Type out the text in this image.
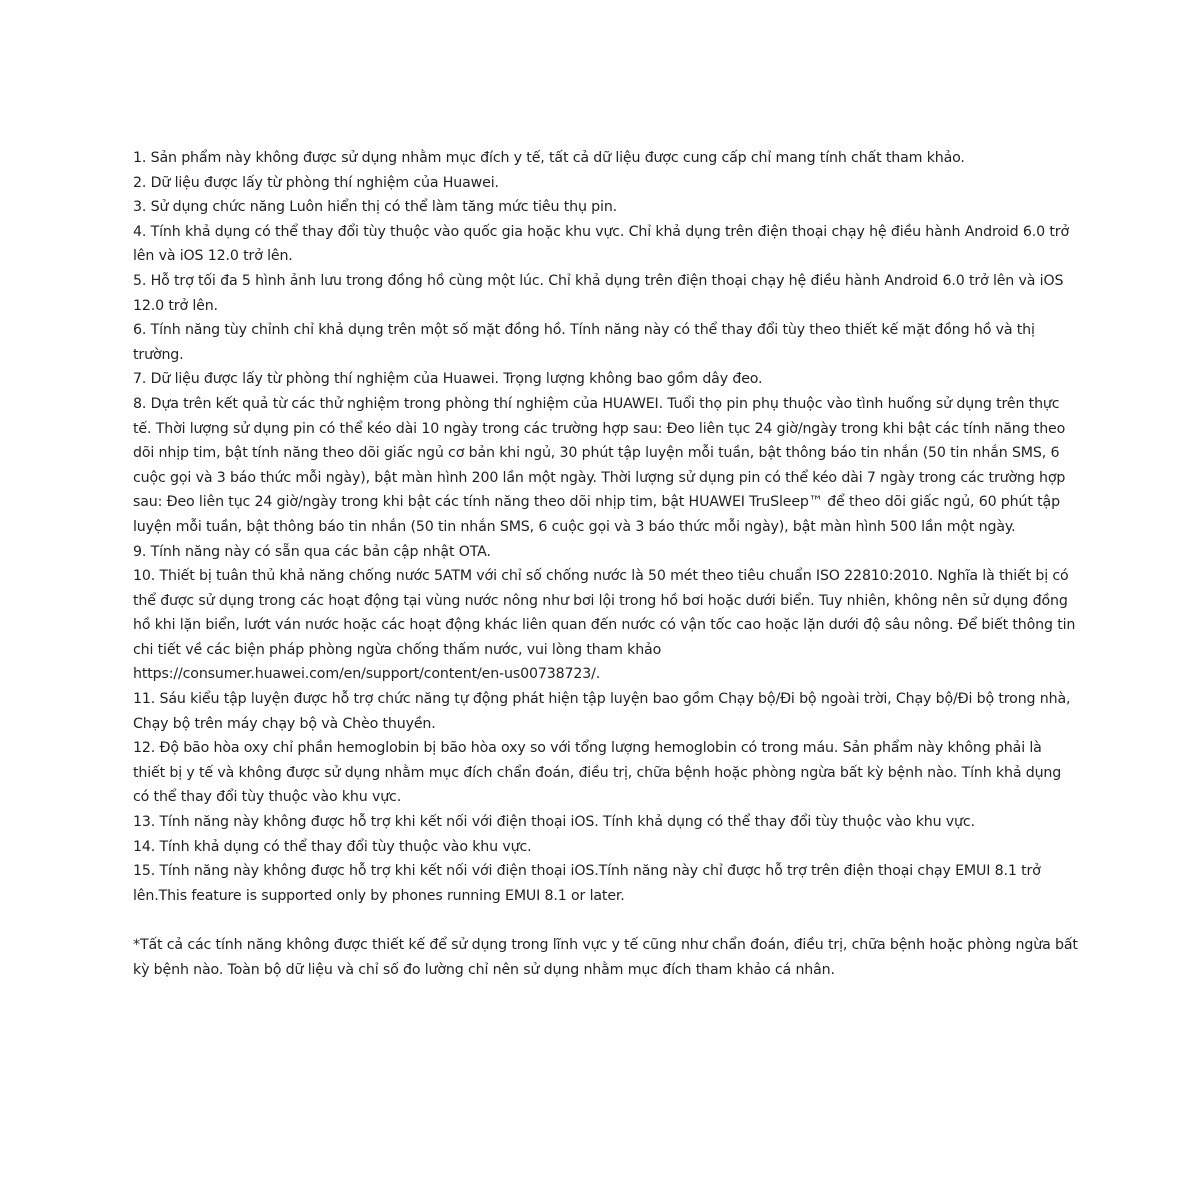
1. Sản phẩm này không được sử dụng nhằm mục đích y tế, tất cả dữ liệu được cung cấp chỉ mang tính chất tham khảo.

2. Dữ liệu được lấy từ phòng thí nghiệm của Huawei.

3. Sử dụng chức năng Luôn hiển thị có thể làm tăng mức tiêu thụ pin.

4. Tính khả dụng có thể thay đổi tùy thuộc vào quốc gia hoặc khu vực. Chỉ khả dụng trên điện thoại chạy hệ điều hành Android 6.0 trở lên và iOS 12.0 trở lên.

5. Hỗ trợ tối đa 5 hình ảnh lưu trong đồng hồ cùng một lúc. Chỉ khả dụng trên điện thoại chạy hệ điều hành Android 6.0 trở lên và iOS 12.0 trở lên.

6. Tính năng tùy chỉnh chỉ khả dụng trên một số mặt đồng hồ. Tính năng này có thể thay đổi tùy theo thiết kế mặt đồng hồ và thị trường.

7. Dữ liệu được lấy từ phòng thí nghiệm của Huawei. Trọng lượng không bao gồm dây đeo.

8. Dựa trên kết quả từ các thử nghiệm trong phòng thí nghiệm của HUAWEI. Tuổi thọ pin phụ thuộc vào tình huống sử dụng trên thực tế. Thời lượng sử dụng pin có thể kéo dài 10 ngày trong các trường hợp sau: Đeo liên tục 24 giờ/ngày trong khi bật các tính năng theo dõi nhịp tim, bật tính năng theo dõi giấc ngủ cơ bản khi ngủ, 30 phút tập luyện mỗi tuần, bật thông báo tin nhắn (50 tin nhắn SMS, 6 cuộc gọi và 3 báo thức mỗi ngày), bật màn hình 200 lần một ngày. Thời lượng sử dụng pin có thể kéo dài 7 ngày trong các trường hợp sau: Đeo liên tục 24 giờ/ngày trong khi bật các tính năng theo dõi nhịp tim, bật HUAWEI TruSleep™ để theo dõi giấc ngủ, 60 phút tập luyện mỗi tuần, bật thông báo tin nhắn (50 tin nhắn SMS, 6 cuộc gọi và 3 báo thức mỗi ngày), bật màn hình 500 lần một ngày.

9. Tính năng này có sẵn qua các bản cập nhật OTA.

10. Thiết bị tuân thủ khả năng chống nước 5ATM với chỉ số chống nước là 50 mét theo tiêu chuẩn ISO 22810:2010. Nghĩa là thiết bị có thể được sử dụng trong các hoạt động tại vùng nước nông như bơi lội trong hồ bơi hoặc dưới biển. Tuy nhiên, không nên sử dụng đồng hồ khi lặn biển, lướt ván nước hoặc các hoạt động khác liên quan đến nước có vận tốc cao hoặc lặn dưới độ sâu nông. Để biết thông tin chi tiết về các biện pháp phòng ngừa chống thấm nước, vui lòng tham khảo

https://consumer.huawei.com/en/support/content/en-us00738723/.

11. Sáu kiểu tập luyện được hỗ trợ chức năng tự động phát hiện tập luyện bao gồm Chạy bộ/Đi bộ ngoài trời, Chạy bộ/Đi bộ trong nhà, Chạy bộ trên máy chạy bộ và Chèo thuyền.

12. Độ bão hòa oxy chỉ phần hemoglobin bị bão hòa oxy so với tổng lượng hemoglobin có trong máu. Sản phẩm này không phải là thiết bị y tế và không được sử dụng nhằm mục đích chẩn đoán, điều trị, chữa bệnh hoặc phòng ngừa bất kỳ bệnh nào. Tính khả dụng có thể thay đổi tùy thuộc vào khu vực.

13. Tính năng này không được hỗ trợ khi kết nối với điện thoại iOS. Tính khả dụng có thể thay đổi tùy thuộc vào khu vực.

14. Tính khả dụng có thể thay đổi tùy thuộc vào khu vực.

15. Tính năng này không được hỗ trợ khi kết nối với điện thoại iOS.Tính năng này chỉ được hỗ trợ trên điện thoại chạy EMUI 8.1 trở lên.This feature is supported only by phones running EMUI 8.1 or later.

*Tất cả các tính năng không được thiết kế để sử dụng trong lĩnh vực y tế cũng như chẩn đoán, điều trị, chữa bệnh hoặc phòng ngừa bất kỳ bệnh nào. Toàn bộ dữ liệu và chỉ số đo lường chỉ nên sử dụng nhằm mục đích tham khảo cá nhân.
